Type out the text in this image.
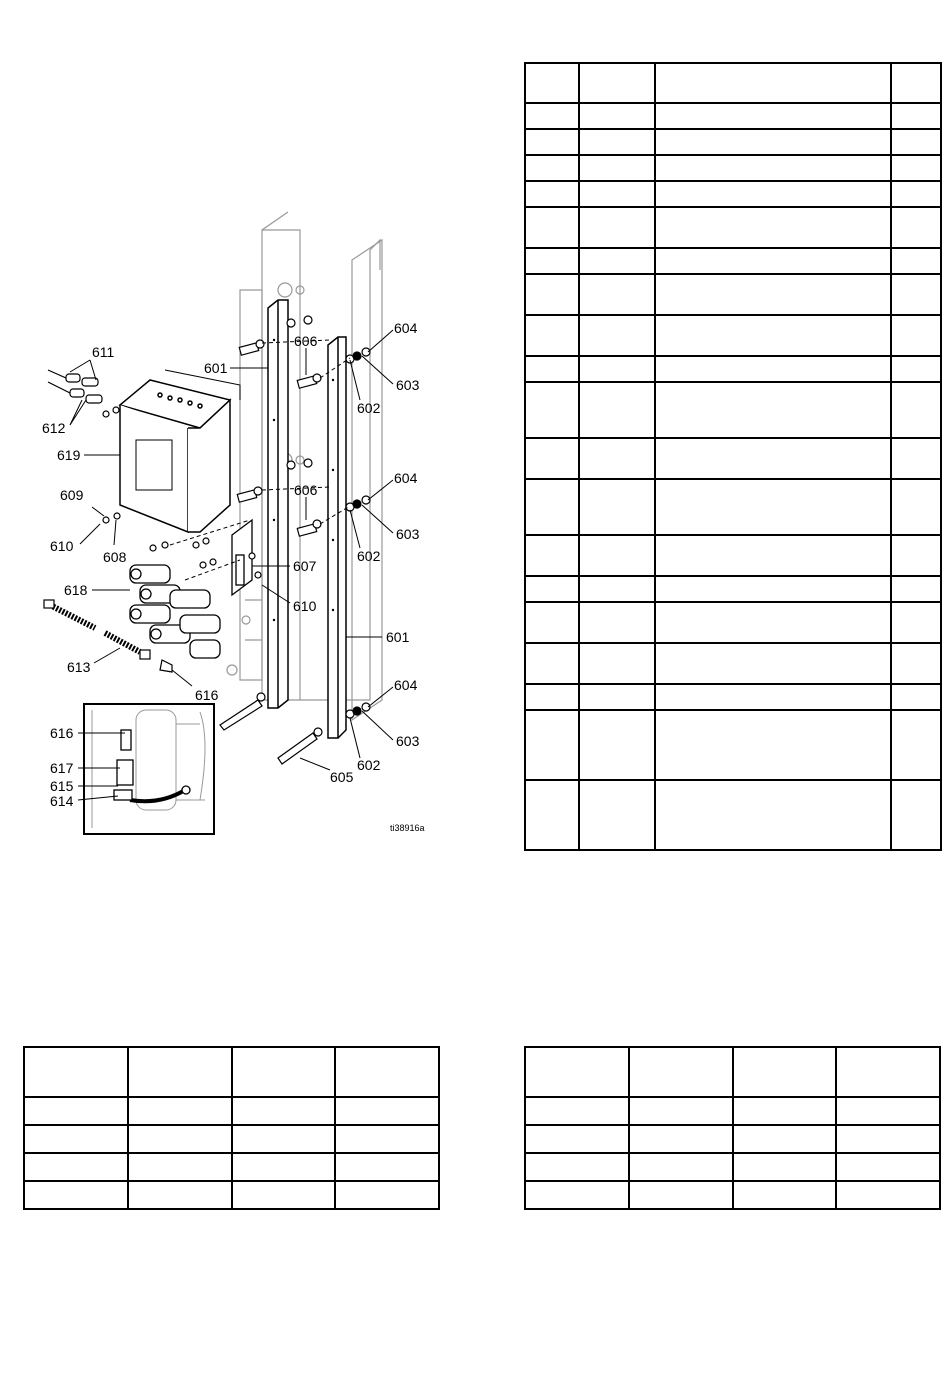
601
601
602
602
602
603
603
603
604
604
604
605
606
606
607
608
609
610
610
611
612
613
614
615
616
616
617
618
619
ti38916a
